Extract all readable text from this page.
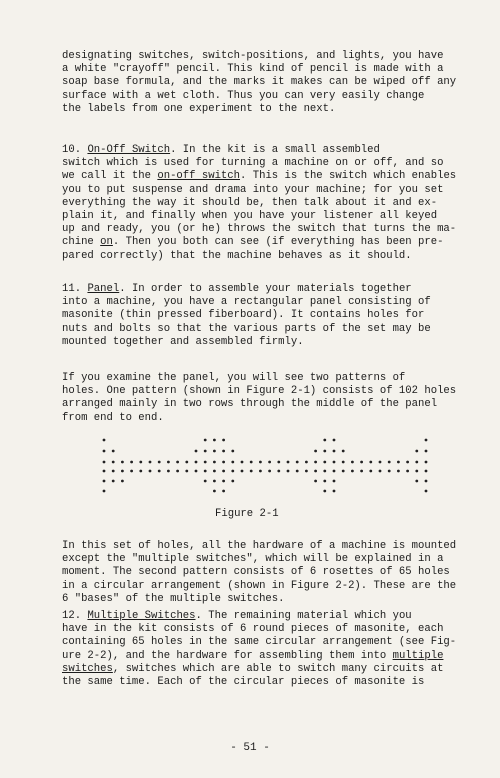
designating switches, switch-positions, and lights, you have
a white "crayoff" pencil. This kind of pencil is made with a
soap base formula, and the marks it makes can be wiped off any
surface with a wet cloth. Thus you can very easily change
the labels from one experiment to the next.

10. On-Off Switch. In the kit is a small assembled
switch which is used for turning a machine on or off, and so
we call it the on-off switch. This is the switch which enables
you to put suspense and drama into your machine; for you set
everything the way it should be, then talk about it and ex-
plain it, and finally when you have your listener all keyed
up and ready, you (or he) throws the switch that turns the ma-
chine on. Then you both can see (if everything has been pre-
pared correctly) that the machine behaves as it should.

11. Panel. In order to assemble your materials together
into a machine, you have a rectangular panel consisting of
masonite (thin pressed fiberboard). It contains holes for
nuts and bolts so that the various parts of the set may be
mounted together and assembled firmly.

If you examine the panel, you will see two patterns of
holes. One pattern (shown in Figure 2-1) consists of 102 holes
arranged mainly in two rows through the middle of the panel
from end to end.

Figure 2-1

In this set of holes, all the hardware of a machine is mounted
except the "multiple switches", which will be explained in a
moment. The second pattern consists of 6 rosettes of 65 holes
in a circular arrangement (shown in Figure 2-2). These are the
6 "bases" of the multiple switches.

12. Multiple Switches. The remaining material which you
have in the kit consists of 6 round pieces of masonite, each
containing 65 holes in the same circular arrangement (see Fig-
ure 2-2), and the hardware for assembling them into multiple
switches, switches which are able to switch many circuits at
the same time. Each of the circular pieces of masonite is

- 51 -
